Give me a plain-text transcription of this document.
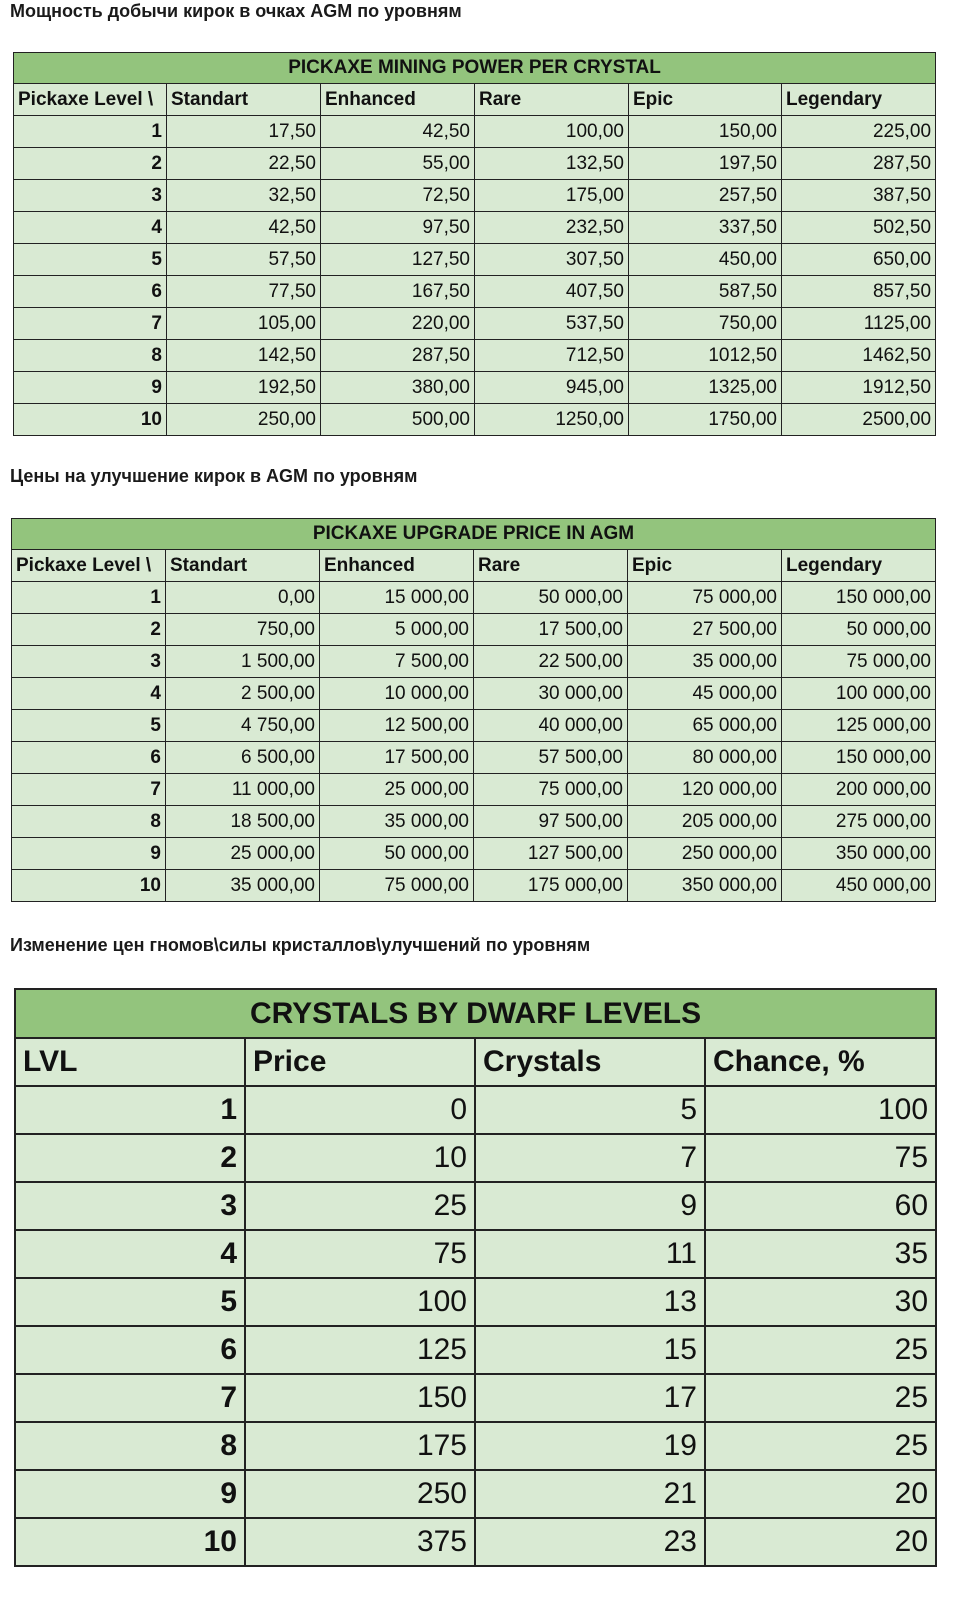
Мощность добычи кирок в очках AGM по уровням
PICKAXE MINING POWER PER CRYSTAL					
Pickaxe Level \	Standart	Enhanced	Rare	Epic	Legendary
1	17,50	42,50	100,00	150,00	225,00
2	22,50	55,00	132,50	197,50	287,50
3	32,50	72,50	175,00	257,50	387,50
4	42,50	97,50	232,50	337,50	502,50
5	57,50	127,50	307,50	450,00	650,00
6	77,50	167,50	407,50	587,50	857,50
7	105,00	220,00	537,50	750,00	1125,00
8	142,50	287,50	712,50	1012,50	1462,50
9	192,50	380,00	945,00	1325,00	1912,50
10	250,00	500,00	1250,00	1750,00	2500,00
Цены на улучшение кирок в AGM по уровням
PICKAXE UPGRADE PRICE IN AGM					
Pickaxe Level \	Standart	Enhanced	Rare	Epic	Legendary
1	0,00	15 000,00	50 000,00	75 000,00	150 000,00
2	750,00	5 000,00	17 500,00	27 500,00	50 000,00
3	1 500,00	7 500,00	22 500,00	35 000,00	75 000,00
4	2 500,00	10 000,00	30 000,00	45 000,00	100 000,00
5	4 750,00	12 500,00	40 000,00	65 000,00	125 000,00
6	6 500,00	17 500,00	57 500,00	80 000,00	150 000,00
7	11 000,00	25 000,00	75 000,00	120 000,00	200 000,00
8	18 500,00	35 000,00	97 500,00	205 000,00	275 000,00
9	25 000,00	50 000,00	127 500,00	250 000,00	350 000,00
10	35 000,00	75 000,00	175 000,00	350 000,00	450 000,00
Изменение цен гномов\силы кристаллов\улучшений по уровням
CRYSTALS BY DWARF LEVELS			
LVL	Price	Crystals	Chance, %
1	0	5	100
2	10	7	75
3	25	9	60
4	75	11	35
5	100	13	30
6	125	15	25
7	150	17	25
8	175	19	25
9	250	21	20
10	375	23	20
